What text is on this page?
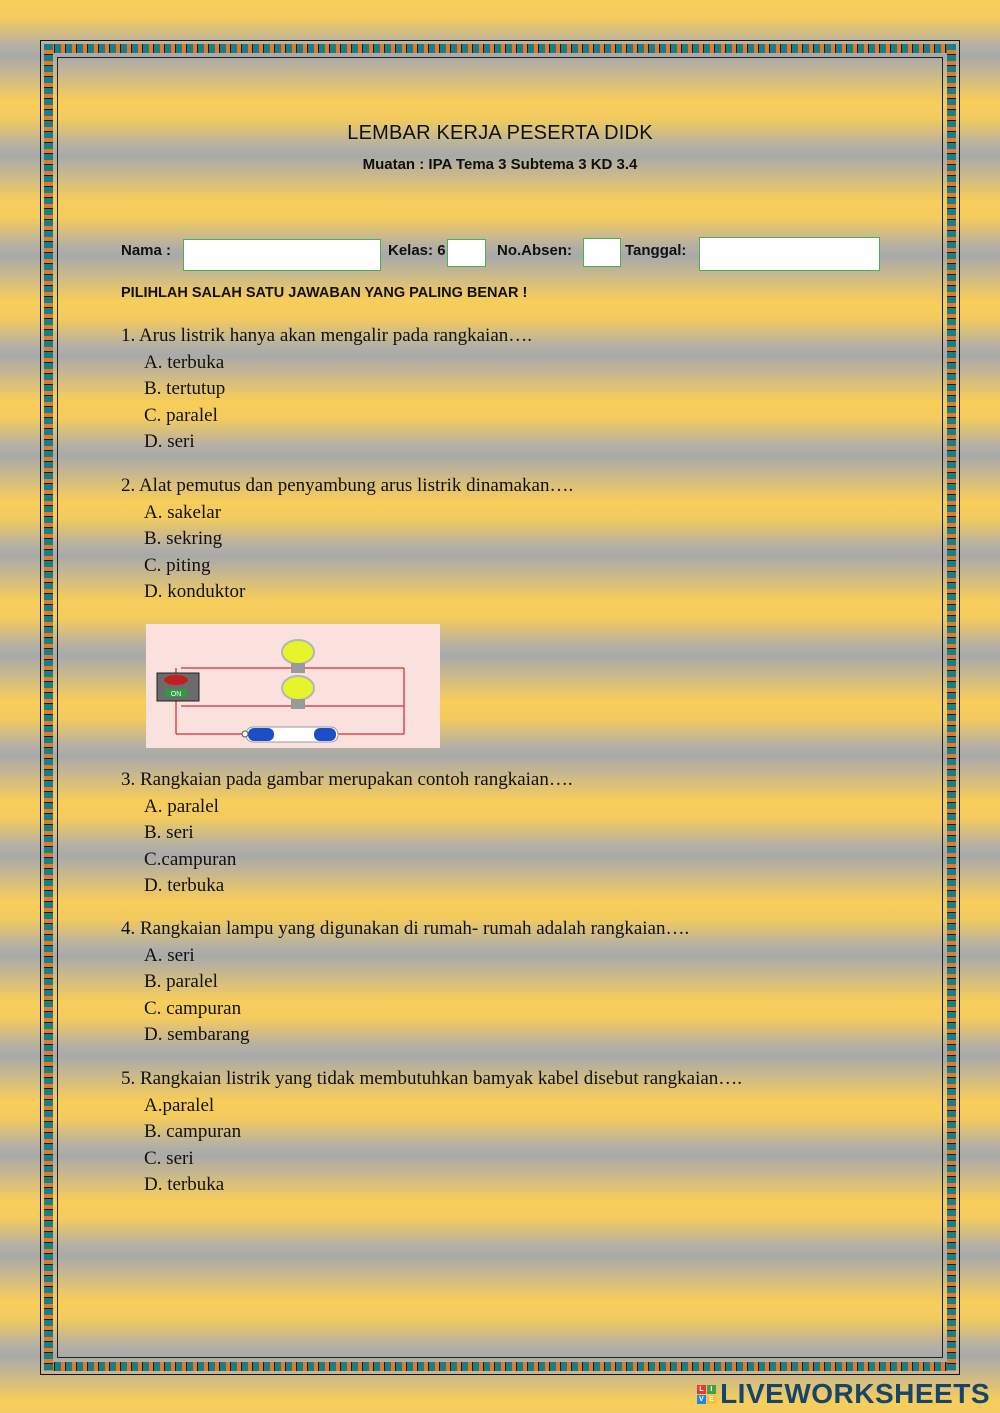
LEMBAR KERJA PESERTA DIDK
Muatan : IPA Tema 3 Subtema 3 KD 3.4
Nama :	Kelas: 6	No.Absen:	Tanggal:
PILIHLAH SALAH SATU JAWABAN YANG PALING BENAR !

1. Arus listrik hanya akan mengalir pada rangkaian….

A. terbuka

B. tertutup

C. paralel

D. seri

2. Alat pemutus dan penyambung arus listrik dinamakan….

A. sakelar

B. sekring

C. piting

D. konduktor

ON

3. Rangkaian pada gambar merupakan contoh rangkaian….

A. paralel

B. seri

C.campuran

D. terbuka

4. Rangkaian lampu yang digunakan di rumah- rumah adalah rangkaian….

A. seri

B. paralel

C. campuran

D. sembarang

5. Rangkaian listrik yang tidak membutuhkan bamyak kabel disebut rangkaian….

A.paralel

B. campuran

C. seri

D. terbuka

L I
V E LIVEWORKSHEETS
